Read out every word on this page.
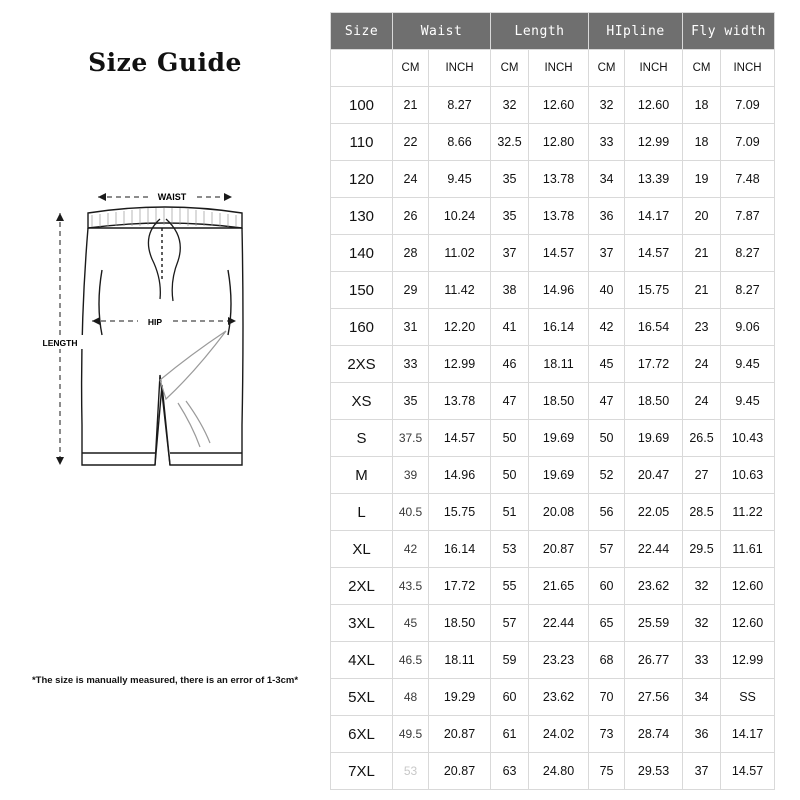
Size Guide
WAIST
HIP
LENGTH
*The size is manually measured, there is an error of 1-3cm*
Size	Waist		Length		HIpline		Fly width	
	CM	INCH	CM	INCH	CM	INCH	CM	INCH
100	21	8.27	32	12.60	32	12.60	18	7.09
110	22	8.66	32.5	12.80	33	12.99	18	7.09
120	24	9.45	35	13.78	34	13.39	19	7.48
130	26	10.24	35	13.78	36	14.17	20	7.87
140	28	11.02	37	14.57	37	14.57	21	8.27
150	29	11.42	38	14.96	40	15.75	21	8.27
160	31	12.20	41	16.14	42	16.54	23	9.06
2XS	33	12.99	46	18.11	45	17.72	24	9.45
XS	35	13.78	47	18.50	47	18.50	24	9.45
S	37.5	14.57	50	19.69	50	19.69	26.5	10.43
M	39	14.96	50	19.69	52	20.47	27	10.63
L	40.5	15.75	51	20.08	56	22.05	28.5	11.22
XL	42	16.14	53	20.87	57	22.44	29.5	11.61
2XL	43.5	17.72	55	21.65	60	23.62	32	12.60
3XL	45	18.50	57	22.44	65	25.59	32	12.60
4XL	46.5	18.11	59	23.23	68	26.77	33	12.99
5XL	48	19.29	60	23.62	70	27.56	34	SS
6XL	49.5	20.87	61	24.02	73	28.74	36	14.17
7XL	53	20.87	63	24.80	75	29.53	37	14.57
